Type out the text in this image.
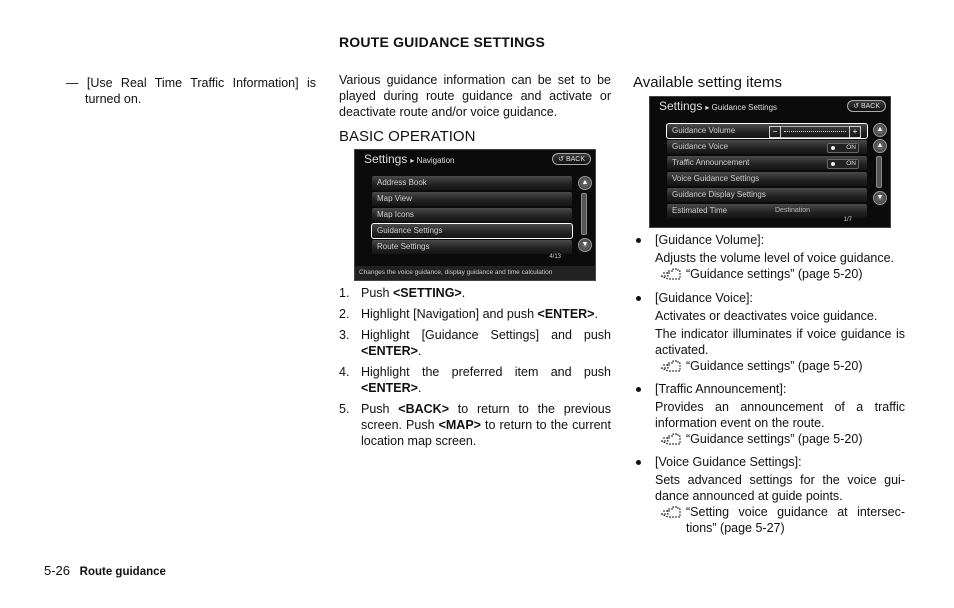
ROUTE GUIDANCE SETTINGS

— [Use Real Time Traffic Information] is turned on.

Various guidance information can be set to be played during route guidance and activate or deactivate route and/or voice guidance.

BASIC OPERATION
Settings ▸ Navigation	↺ BACK
Address Book
Map View
Map Icons
Guidance Settings
Route Settings
▲
▼
4/13
Changes the voice guidance, display guidance and time calculation
1. Push <SETTING>.
2. Highlight [Navigation] and push <ENTER>.
3. Highlight [Guidance Settings] and push <ENTER>.
4. Highlight the preferred item and push <ENTER>.
5. Push <BACK> to return to the previous screen. Push <MAP> to return to the current location map screen.
Available setting items
Settings ▸ Guidance Settings	↺ BACK
Guidance Volume	−	+
Guidance Voice	ON
Traffic Announcement	ON
Voice Guidance Settings
Guidance Display Settings
Estimated Time	Destination
▲
▲
▼
1/7
[Guidance Volume]:
Adjusts the volume level of voice guidance.
“Guidance settings” (page 5-20)
[Guidance Voice]:
Activates or deactivates voice guidance.
The indicator illuminates if voice guidance is activated.
“Guidance settings” (page 5-20)
[Traffic Announcement]:
Provides an announcement of a traffic information event on the route.
“Guidance settings” (page 5-20)
[Voice Guidance Settings]:
Sets advanced settings for the voice gui-dance announced at guide points.
“Setting voice guidance at intersec-tions” (page 5-27)
5-26 Route guidance
